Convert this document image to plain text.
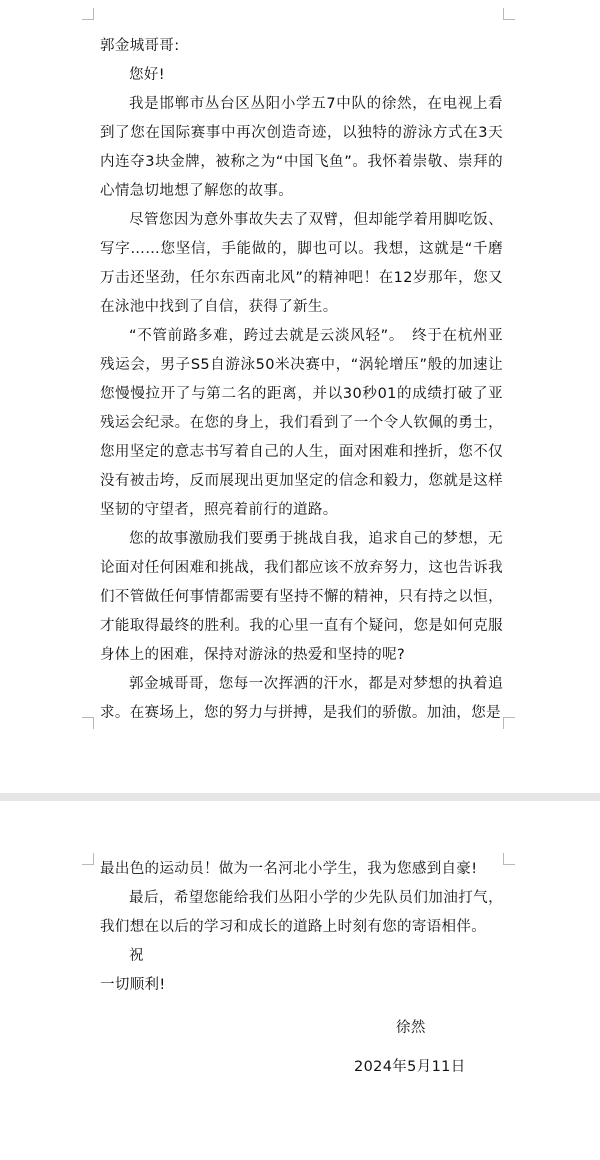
郭金城哥哥:

您好!

我是邯郸市丛台区丛阳小学五7中队的徐然，在电视上看到了您在国际赛事中再次创造奇迹，以独特的游泳方式在3天内连夺3块金牌，被称之为“中国飞鱼”。我怀着崇敬、崇拜的心情急切地想了解您的故事。

尽管您因为意外事故失去了双臂，但却能学着用脚吃饭、写字……您坚信，手能做的，脚也可以。我想，这就是“千磨万击还坚劲，任尔东西南北风”的精神吧！在12岁那年，您又在泳池中找到了自信，获得了新生。

“不管前路多难，跨过去就是云淡风轻”。　终于在杭州亚残运会，男子S5自游泳50米决赛中，“涡轮增压”般的加速让您慢慢拉开了与第二名的距离，并以30秒01的成绩打破了亚残运会纪录。在您的身上，我们看到了一个令人钦佩的勇士，您用坚定的意志书写着自己的人生，面对困难和挫折，您不仅没有被击垮，反而展现出更加坚定的信念和毅力，您就是这样坚韧的守望者，照亮着前行的道路。

您的故事激励我们要勇于挑战自我，追求自己的梦想，无论面对任何困难和挑战，我们都应该不放弃努力，这也告诉我们不管做任何事情都需要有坚持不懈的精神，只有持之以恒，才能取得最终的胜利。我的心里一直有个疑问，您是如何克服身体上的困难，保持对游泳的热爱和坚持的呢?

郭金城哥哥，您每一次挥洒的汗水，都是对梦想的执着追求。在赛场上，您的努力与拼搏，是我们的骄傲。加油，您是

最出色的运动员！做为一名河北小学生，我为您感到自豪!

最后，希望您能给我们丛阳小学的少先队员们加油打气，我们想在以后的学习和成长的道路上时刻有您的寄语相伴。

祝

一切顺利!

徐然

2024年5月11日
